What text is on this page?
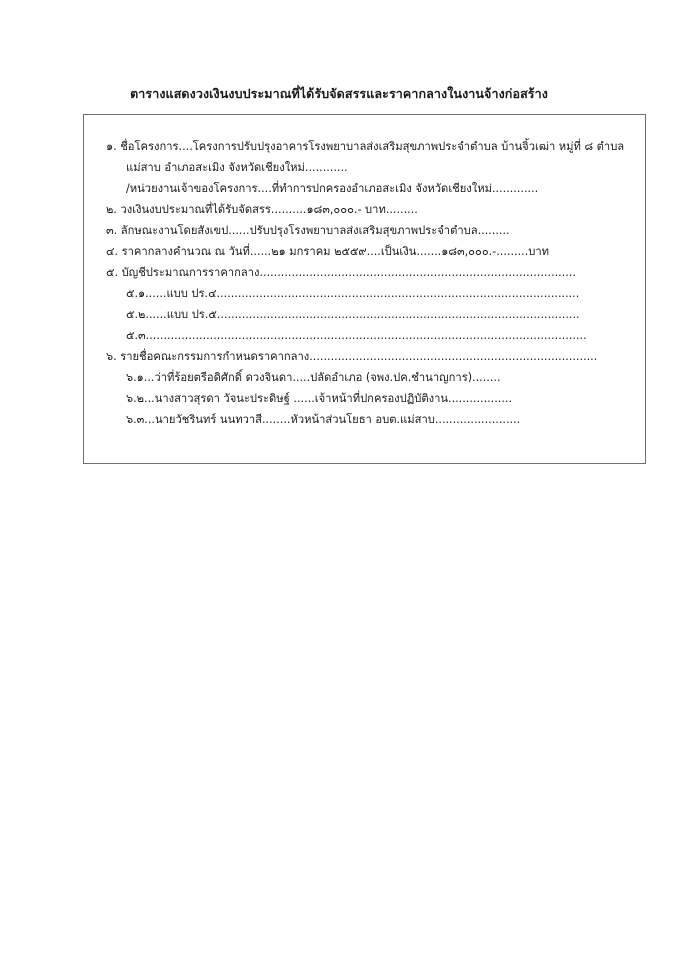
ตารางแสดงวงเงินงบประมาณที่ได้รับจัดสรรและราคากลางในงานจ้างก่อสร้าง
๑. ชื่อโครงการ....โครงการปรับปรุงอาคารโรงพยาบาลส่งเสริมสุขภาพประจำตำบล บ้านจิ้วเฒ่า หมู่ที่ ๘ ตำบล
แม่สาบ อำเภอสะเมิง จังหวัดเชียงใหม่............
/หน่วยงานเจ้าของโครงการ....ที่ทำการปกครองอำเภอสะเมิง จังหวัดเชียงใหม่.............
๒. วงเงินงบประมาณที่ได้รับจัดสรร..........๑๘๓,๐๐๐.- บาท.........
๓. ลักษณะงานโดยสังเขป......ปรับปรุงโรงพยาบาลส่งเสริมสุขภาพประจำตำบล.........
๔. ราคากลางคำนวณ ณ วันที่......๒๑ มกราคม ๒๕๕๙....เป็นเงิน.......๑๘๓,๐๐๐.-.........บาท
๕. บัญชีประมาณการราคากลาง.........................................................................................
๕.๑......แบบ ปร.๔......................................................................................................
๕.๒......แบบ ปร.๕......................................................................................................
๕.๓............................................................................................................................
๖. รายชื่อคณะกรรมการกำหนดราคากลาง.................................................................................
๖.๑...ว่าที่ร้อยตรีอดิศักดิ์ ดวงจินดา.....ปลัดอำเภอ (จพง.ปค.ชำนาญการ)........
๖.๒...นางสาวสุรดา วัจนะประดิษฐ์ ......เจ้าหน้าที่ปกครองปฏิบัติงาน..................
๖.๓...นายวัชรินทร์ นนทวาสี........หัวหน้าส่วนโยธา อบต.แม่สาบ........................
